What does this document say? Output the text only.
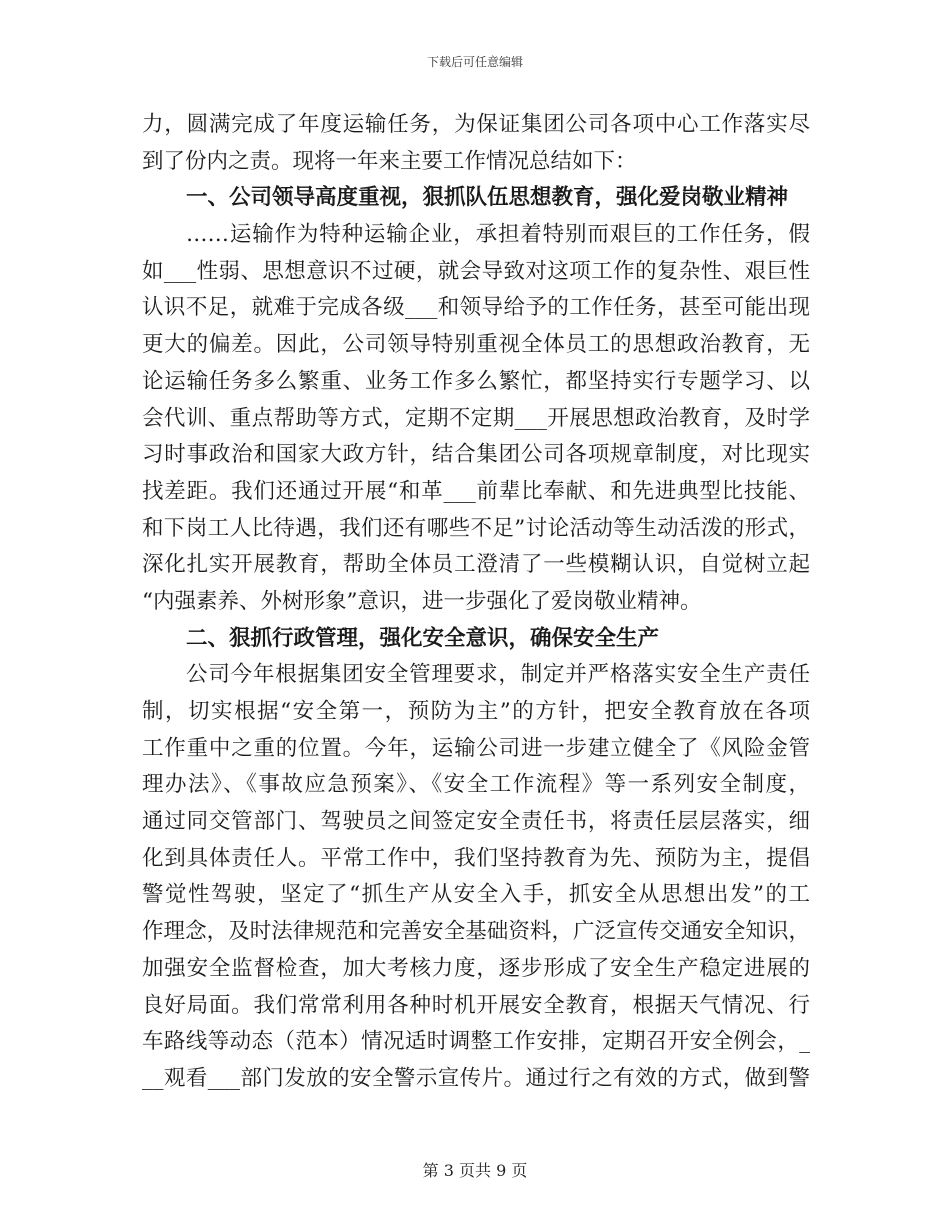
下载后可任意编辑
力，圆满完成了年度运输任务，为保证集团公司各项中心工作落实尽
到了份内之责。现将一年来主要工作情况总结如下：
一、公司领导高度重视，狠抓队伍思想教育，强化爱岗敬业精神
……运输作为特种运输企业，承担着特别而艰巨的工作任务，假
如___性弱、思想意识不过硬，就会导致对这项工作的复杂性、艰巨性
认识不足，就难于完成各级___和领导给予的工作任务，甚至可能出现
更大的偏差。因此，公司领导特别重视全体员工的思想政治教育，无
论运输任务多么繁重、业务工作多么繁忙，都坚持实行专题学习、以
会代训、重点帮助等方式，定期不定期___开展思想政治教育，及时学
习时事政治和国家大政方针，结合集团公司各项规章制度，对比现实
找差距。我们还通过开展“和革___前辈比奉献、和先进典型比技能、
和下岗工人比待遇，我们还有哪些不足”讨论活动等生动活泼的形式，
深化扎实开展教育，帮助全体员工澄清了一些模糊认识，自觉树立起
“内强素养、外树形象”意识，进一步强化了爱岗敬业精神。
二、狠抓行政管理，强化安全意识，确保安全生产
公司今年根据集团安全管理要求，制定并严格落实安全生产责任
制，切实根据“安全第一，预防为主”的方针，把安全教育放在各项
工作重中之重的位置。今年，运输公司进一步建立健全了《风险金管
理办法》、《事故应急预案》、《安全工作流程》等一系列安全制度，
通过同交管部门、驾驶员之间签定安全责任书，将责任层层落实，细
化到具体责任人。平常工作中，我们坚持教育为先、预防为主，提倡
警觉性驾驶，坚定了“抓生产从安全入手，抓安全从思想出发”的工
作理念，及时法律规范和完善安全基础资料，广泛宣传交通安全知识，
加强安全监督检查，加大考核力度，逐步形成了安全生产稳定进展的
良好局面。我们常常利用各种时机开展安全教育，根据天气情况、行
车路线等动态（范本）情况适时调整工作安排，定期召开安全例会，_
__观看___部门发放的安全警示宣传片。通过行之有效的方式，做到警
第 3 页共 9 页
